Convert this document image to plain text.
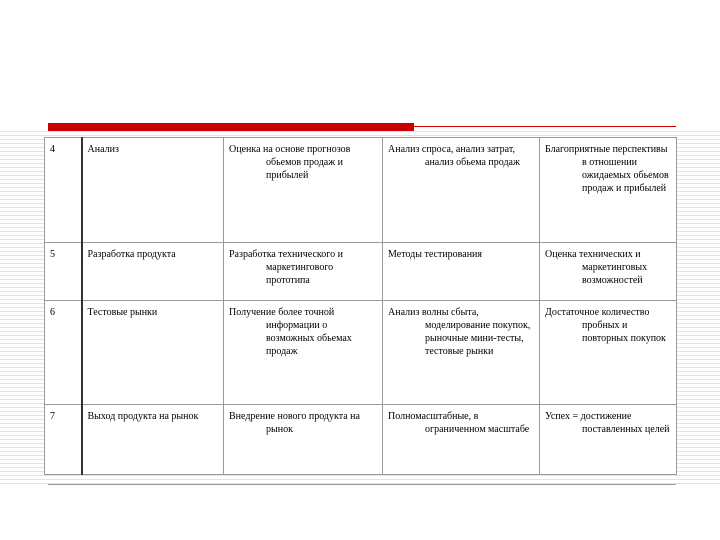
4	Анализ	Оценка на основе прогнозов обьемов продаж и прибылей	Анализ спроса, анализ затрат, анализ обьема продаж	Благоприятные перспективы в отношении ожидаемых обьемов продаж и прибылей
5	Разработка продукта	Разработка технического и маркетингового прототипа	Методы тестирования	Оценка технических и маркетинговых возможностей
6	Тестовые рынки	Получение более точной информации о возможных обьемах продаж	Анализ волны сбыта, моделирование покупок, рыночные мини-тесты, тестовые рынки	Достаточное количество пробных и повторных покупок
7	Выход продукта на рынок	Внедрение нового продукта на рынок	Полномасштабные, в ограниченном масштабе	Успех = достижение поставленных целей
